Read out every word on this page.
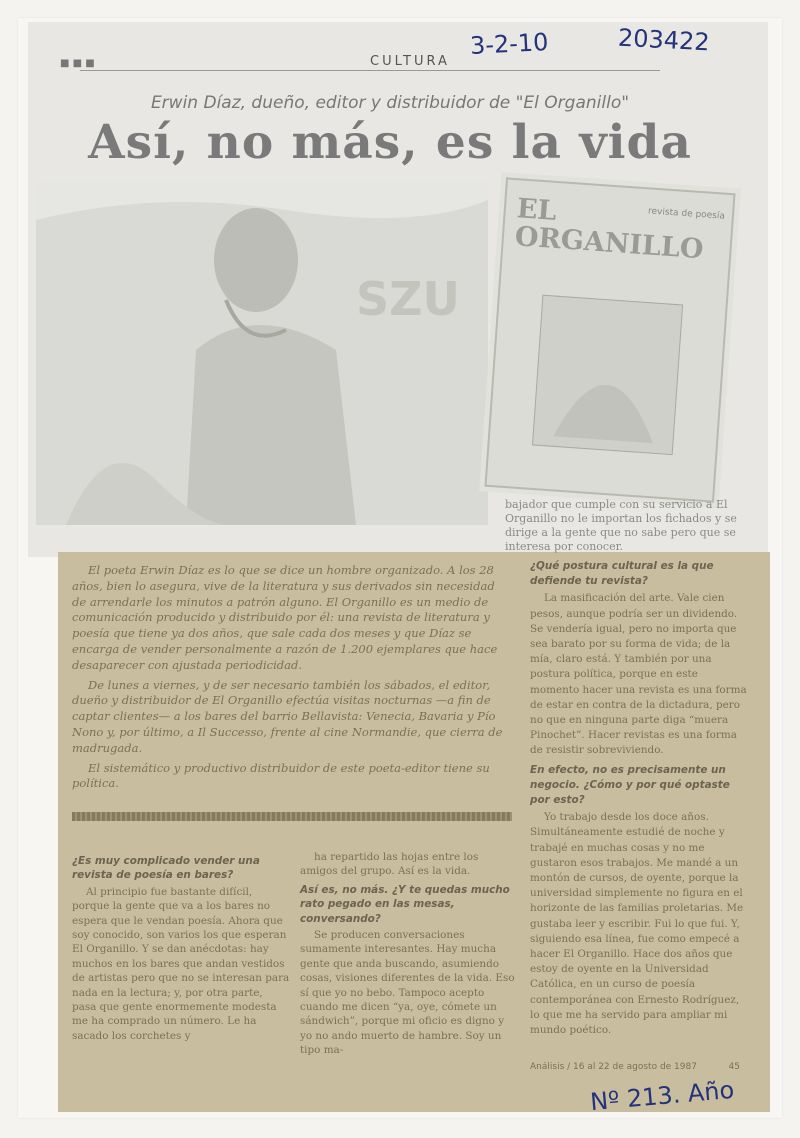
■ ■ ■	CULTURA
3-2-10	203422
Erwin Díaz, dueño, editor y distribuidor de "El Organillo"
Así, no más, es la vida
SZU
EL
ORGANILLO
revista de poesía
bajador que cumple con su servicio a El Organillo no le importan los fichados y se dirige a la gente que no sabe pero que se interesa por conocer.

El poeta Erwin Díaz es lo que se dice un hombre organizado. A los 28 años, bien lo asegura, vive de la literatura y sus derivados sin necesidad de arrendarle los minutos a patrón alguno. El Organillo es un medio de comunicación producido y distribuido por él: una revista de literatura y poesía que tiene ya dos años, que sale cada dos meses y que Díaz se encarga de vender personalmente a razón de 1.200 ejemplares que hace desaparecer con ajustada periodicidad.

De lunes a viernes, y de ser necesario también los sábados, el editor, dueño y distribuidor de El Organillo efectúa visitas nocturnas —a fin de captar clientes— a los bares del barrio Bellavista: Venecia, Bavaria y Pío Nono y, por último, a Il Successo, frente al cine Normandie, que cierra de madrugada.

El sistemático y productivo distribuidor de este poeta-editor tiene su política.

¿Es muy complicado vender una revista de poesía en bares?

Al principio fue bastante difícil, porque la gente que va a los bares no espera que le vendan poesía. Ahora que soy conocido, son varios los que esperan El Organillo. Y se dan anécdotas: hay muchos en los bares que andan vestidos de artistas pero que no se interesan para nada en la lectura; y, por otra parte, pasa que gente enormemente modesta me ha comprado un número. Le ha sacado los corchetes y

ha repartido las hojas entre los amigos del grupo. Así es la vida.

Así es, no más. ¿Y te quedas mucho rato pegado en las mesas, conversando?

Se producen conversaciones sumamente interesantes. Hay mucha gente que anda buscando, asumiendo cosas, visiones diferentes de la vida. Eso sí que yo no bebo. Tampoco acepto cuando me dicen “ya, oye, cómete un sándwich”, porque mi oficio es digno y yo no ando muerto de hambre. Soy un tipo ma-

¿Qué postura cultural es la que defiende tu revista?

La masificación del arte. Vale cien pesos, aunque podría ser un dividendo. Se vendería igual, pero no importa que sea barato por su forma de vida; de la mía, claro está. Y también por una postura política, porque en este momento hacer una revista es una forma de estar en contra de la dictadura, pero no que en ninguna parte diga “muera Pinochet”. Hacer revistas es una forma de resistir sobreviviendo.

En efecto, no es precisamente un negocio. ¿Cómo y por qué optaste por esto?

Yo trabajo desde los doce años. Simultáneamente estudié de noche y trabajé en muchas cosas y no me gustaron esos trabajos. Me mandé a un montón de cursos, de oyente, porque la universidad simplemente no figura en el horizonte de las familias proletarias. Me gustaba leer y escribir. Fui lo que fui. Y, siguiendo esa línea, fue como empecé a hacer El Organillo. Hace dos años que estoy de oyente en la Universidad Católica, en un curso de poesía contemporánea con Ernesto Rodríguez, lo que me ha servido para ampliar mi mundo poético.

Análisis / 16 al 22 de agosto de 1987	45
Nº 213. Año
